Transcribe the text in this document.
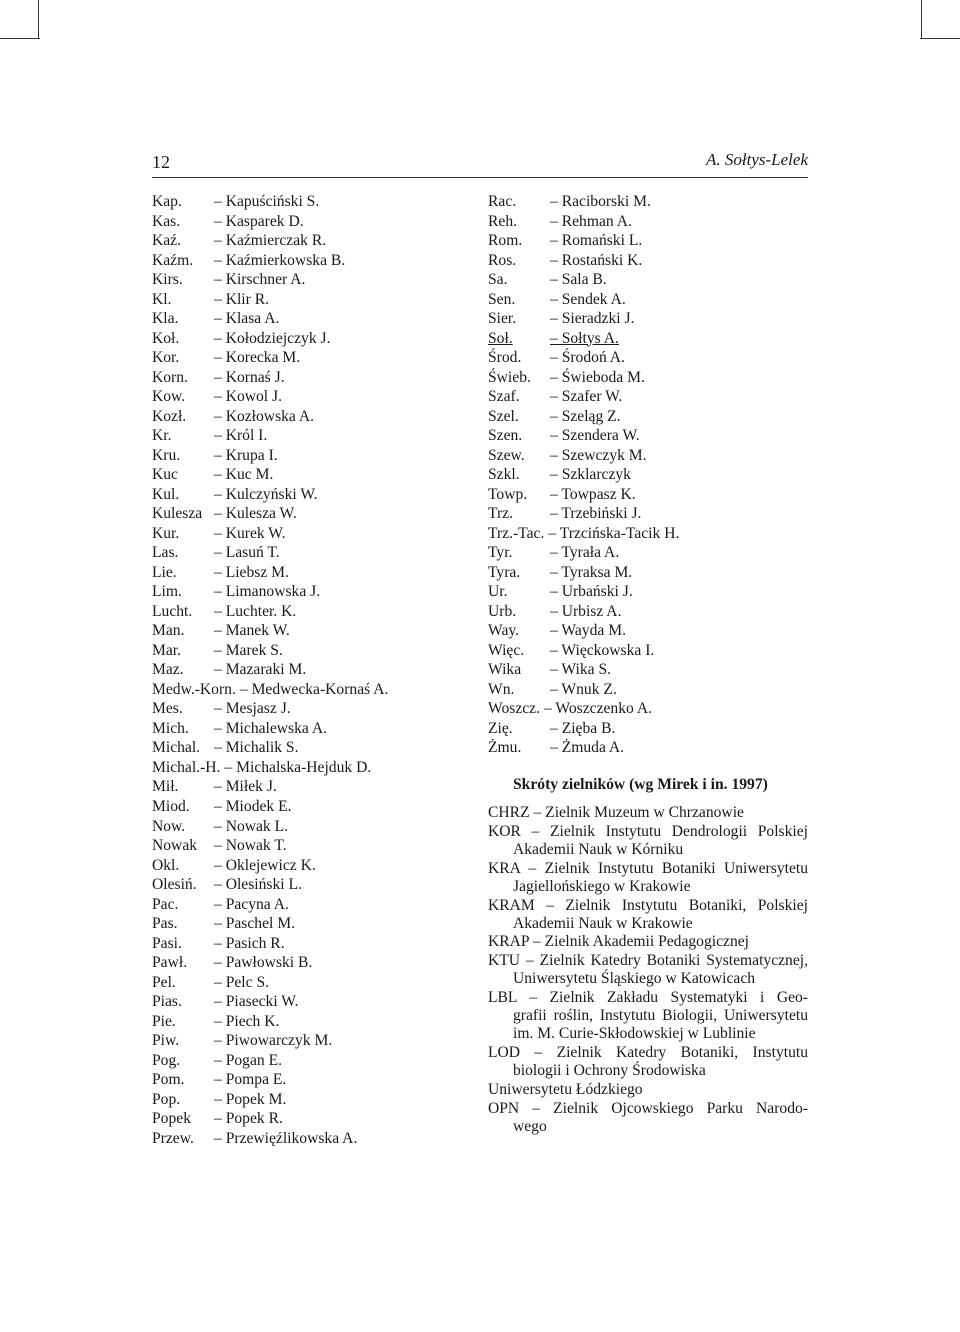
12	A. Sołtys-Lelek
Kap. – Kapuściński S.
Kas. – Kasparek D.
Kaź. – Kaźmierczak R.
Kaźm. – Kaźmierkowska B.
Kirs. – Kirschner A.
Kl.	– Klir R.
Kla. – Klasa A.
Koł. – Kołodziejczyk J.
Kor. – Korecka M.
Korn. – Kornaś J.
Kow. – Kowol J.
Kozł. – Kozłowska A.
Kr.	– Król I.
Kru. – Krupa I.
Kuc – Kuc M.
Kul. – Kulczyński W.
Kulesza – Kulesza W.
Kur. – Kurek W.
Las. – Lasuń T.
Lie. – Liebsz M.
Lim. – Limanowska J.
Lucht. – Luchter. K.
Man. – Manek W.
Mar. – Marek S.
Maz. – Mazaraki M.
Medw.-Korn. – Medwecka-Kornaś A.
Mes. – Mesjasz J.
Mich. – Michalewska A.
Michal. – Michalik S.
Michal.-H. – Michalska-Hejduk D.
Mił. – Miłek J.
Miod. – Miodek E.
Now. – Nowak L.
Nowak – Nowak T.
Okl. – Oklejewicz K.
Olesiń. – Olesiński L.
Pac. – Pacyna A.
Pas. – Paschel M.
Pasi. – Pasich R.
Pawł. – Pawłowski B.
Pel. – Pelc S.
Pias. – Piasecki W.
Pie. – Piech K.
Piw. – Piwowarczyk M.
Pog. – Pogan E.
Pom. – Pompa E.
Pop. – Popek M.
Popek – Popek R.
Przew. – Przewięźlikowska A.
Rac. – Raciborski M.
Reh. – Rehman A.
Rom. – Romański L.
Ros. – Rostański K.
Sa.	– Sala B.
Sen. – Sendek A.
Sier. – Sieradzki J.
Soł. – Sołtys A.
Środ. – Środoń A.
Świeb. – Świeboda M.
Szaf. – Szafer W.
Szel. – Szeląg Z.
Szen. – Szendera W.
Szew. – Szewczyk M.
Szkl. – Szklarczyk
Towp. – Towpasz K.
Trz. – Trzebiński J.
Trz.-Tac. – Trzcińska-Tacik H.
Tyr. – Tyrała A.
Tyra. – Tyraksa M.
Ur.	– Urbański J.
Urb. – Urbisz A.
Way. – Wayda M.
Więc. – Więckowska I.
Wika – Wika S.
Wn. – Wnuk Z.
Woszcz. – Woszczenko A.
Zię. – Zięba B.
Żmu. – Żmuda A.
Skróty zielników (wg Mirek i in. 1997)
CHRZ – Zielnik Muzeum w Chrzanowie
KOR – Zielnik Instytutu Dendrologii Polskiej
Akademii Nauk w Kórniku
KRA – Zielnik Instytutu Botaniki Uniwersytetu
Jagiellońskiego w Krakowie
KRAM – Zielnik Instytutu Botaniki, Polskiej
Akademii Nauk w Krakowie
KRAP – Zielnik Akademii Pedagogicznej
KTU – Zielnik Katedry Botaniki Systematycznej,
Uniwersytetu Śląskiego w Katowicach
LBL – Zielnik Zakładu Systematyki i Geo-
grafii roślin, Instytutu Biologii, Uniwersytetu
im. M. Curie-Skłodowskiej w Lublinie
LOD – Zielnik Katedry Botaniki, Instytutu
biologii i Ochrony Środowiska
Uniwersytetu Łódzkiego
OPN – Zielnik Ojcowskiego Parku Narodo-
wego
